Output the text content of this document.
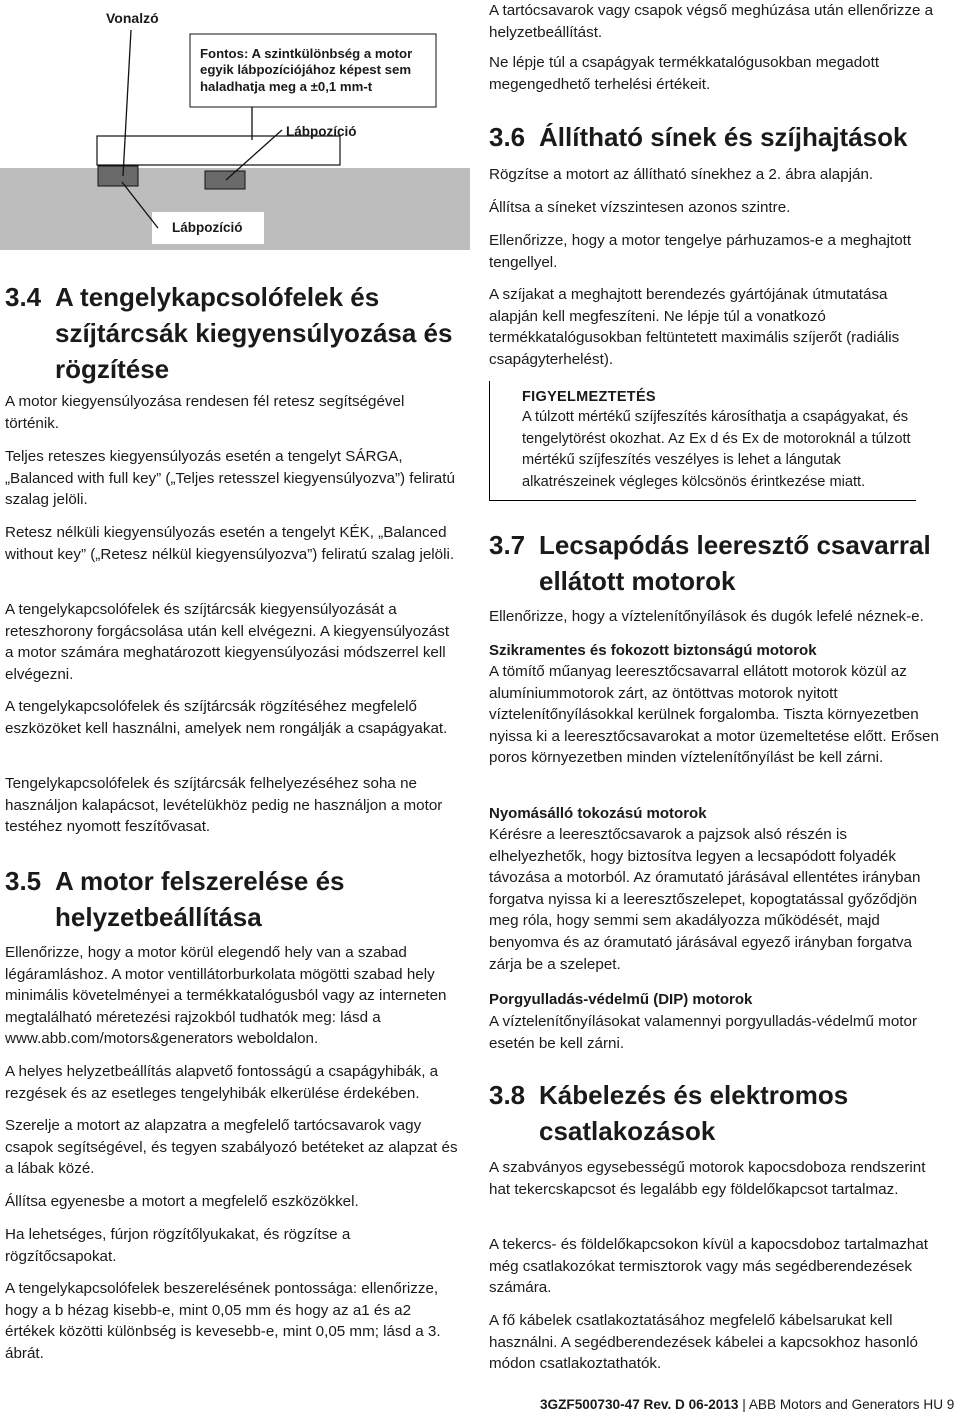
Vonalzó
Fontos: A szintkülönbség a motor egyik lábpozíciójához képest sem haladhatja meg a ±0,1 mm-t
Lábpozíció
Lábpozíció
3.4 A tengelykapcsolófelek és
szíjtárcsák kiegyensúlyozása és
rögzítése

A motor kiegyensúlyozása rendesen fél retesz segítségével történik.

Teljes reteszes kiegyensúlyozás esetén a tengelyt SÁRGA, „Balanced with full key” („Teljes retesszel kiegyensúlyozva”) feliratú szalag jelöli.

Retesz nélküli kiegyensúlyozás esetén a tengelyt KÉK, „Balanced without key” („Retesz nélkül kiegyensúlyozva”) feliratú szalag jelöli.

A tengelykapcsolófelek és szíjtárcsák kiegyensúlyozását a reteszhorony forgácsolása után kell elvégezni. A kiegyensúlyozást a motor számára meghatározott kiegyensúlyozási módszerrel kell elvégezni.

A tengelykapcsolófelek és szíjtárcsák rögzítéséhez megfelelő eszközöket kell használni, amelyek nem rongálják a csapágyakat.

Tengelykapcsolófelek és szíjtárcsák felhelyezéséhez soha ne használjon kalapácsot, levételükhöz pedig ne használjon a motor testéhez nyomott feszítővasat.

3.5 A motor felszerelése és
helyzetbeállítása

Ellenőrizze, hogy a motor körül elegendő hely van a szabad légáramláshoz. A motor ventillátorburkolata mögötti szabad hely minimális követelményei a termékkatalógusból vagy az interneten megtalálható méretezési rajzokból tudhatók meg: lásd a www.abb.com/motors&generators weboldalon.

A helyes helyzetbeállítás alapvető fontosságú a csapágyhibák, a rezgések és az esetleges tengelyhibák elkerülése érdekében.

Szerelje a motort az alapzatra a megfelelő tartócsavarok vagy csapok segítségével, és tegyen szabályozó betéteket az alapzat és a lábak közé.

Állítsa egyenesbe a motort a megfelelő eszközökkel.

Ha lehetséges, fúrjon rögzítőlyukakat, és rögzítse a rögzítőcsapokat.

A tengelykapcsolófelek beszerelésének pontossága: ellenőrizze, hogy a b hézag kisebb-e, mint 0,05 mm és hogy az a1 és a2 értékek közötti különbség is kevesebb-e, mint 0,05 mm; lásd a 3. ábrát.

A tartócsavarok vagy csapok végső meghúzása után ellenőrizze a helyzetbeállítást.

Ne lépje túl a csapágyak termékkatalógusokban megadott megengedhető terhelési értékeit.

3.6 Állítható sínek és szíjhajtások

Rögzítse a motort az állítható sínekhez a 2. ábra alapján.

Állítsa a síneket vízszintesen azonos szintre.

Ellenőrizze, hogy a motor tengelye párhuzamos-e a meghajtott tengellyel.

A szíjakat a meghajtott berendezés gyártójának útmutatása alapján kell megfeszíteni. Ne lépje túl a vonatkozó termékkatalógusokban feltüntetett maximális szíjerőt (radiális csapágyterhelést).

FIGYELMEZTETÉS

A túlzott mértékű szíjfeszítés károsíthatja a csapágyakat, és tengelytörést okozhat. Az Ex d és Ex de motoroknál a túlzott mértékű szíjfeszítés veszélyes is lehet a lángutak alkatrészeinek végleges kölcsönös érintkezése miatt.

3.7 Lecsapódás leeresztő csavarral
ellátott motorok

Ellenőrizze, hogy a víztelenítőnyílások és dugók lefelé néznek-e.

Szikramentes és fokozott biztonságú motorok

A tömítő műanyag leeresztőcsavarral ellátott motorok közül az alumíniummotorok zárt, az öntöttvas motorok nyitott víztelenítőnyílásokkal kerülnek forgalomba. Tiszta környezetben nyissa ki a leeresztőcsavarokat a motor üzemeltetése előtt. Erősen poros környezetben minden víztelenítőnyílást be kell zárni.

Nyomásálló tokozású motorok

Kérésre a leeresztőcsavarok a pajzsok alsó részén is elhelyezhetők, hogy biztosítva legyen a lecsapódott folyadék távozása a motorból. Az óramutató járásával ellentétes irányban forgatva nyissa ki a leeresztőszelepet, kopogtatással győződjön meg róla, hogy semmi sem akadályozza működését, majd benyomva és az óramutató járásával egyező irányban forgatva zárja be a szelepet.

Porgyulladás-védelmű (DIP) motorok

A víztelenítőnyílásokat valamennyi porgyulladás-védelmű motor esetén be kell zárni.

3.8 Kábelezés és elektromos
csatlakozások

A szabványos egysebességű motorok kapocsdoboza rendszerint hat tekercskapcsot és legalább egy földelőkapcsot tartalmaz.

A tekercs- és földelőkapcsokon kívül a kapocsdoboz tartalmazhat még csatlakozókat termisztorok vagy más segédberendezések számára.

A fő kábelek csatlakoztatásához megfelelő kábelsarukat kell használni. A segédberendezések kábelei a kapcsokhoz hasonló módon csatlakoztathatók.

3GZF500730-47 Rev. D 06-2013 | ABB Motors and Generators HU 9
